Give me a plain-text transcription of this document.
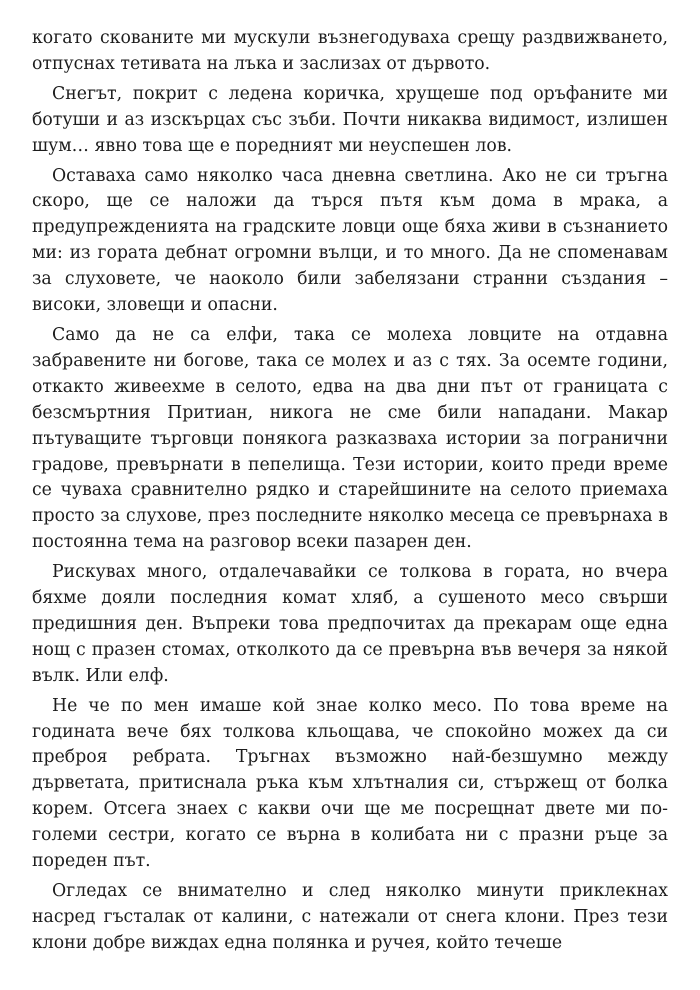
когато скованите ми мускули възнегодуваха срещу раздвижването, отпуснах тетивата на лъка и заслизах от дървото.

Снегът, покрит с ледена коричка, хрущеше под оръфаните ми ботуши и аз изскърцах със зъби. Почти никаква видимост, излишен шум… явно това ще е поредният ми неуспешен лов.

Оставаха само няколко часа дневна светлина. Ако не си тръгна скоро, ще се наложи да търся пътя към дома в мрака, а предупрежденията на градските ловци още бяха живи в съзнанието ми: из гората дебнат огромни вълци, и то много. Да не споменавам за слуховете, че наоколо били забелязани странни създания – високи, зловещи и опасни.

Само да не са елфи, така се молеха ловците на отдавна забравените ни богове, така се молех и аз с тях. За осемте години, откакто живеехме в селото, едва на два дни път от границата с безсмъртния Притиан, никога не сме били нападани. Макар пътуващите търговци понякога разказваха истории за погранични градове, превърнати в пепелища. Тези истории, които преди време се чуваха сравнително рядко и старейшините на селото приемаха просто за слухове, през последните няколко месеца се превърнаха в постоянна тема на разговор всеки пазарен ден.

Рискувах много, отдалечавайки се толкова в гората, но вчера бяхме дояли последния комат хляб, а сушеното месо свърши предишния ден. Въпреки това предпочитах да прекарам още една нощ с празен стомах, отколкото да се превърна във вечеря за някой вълк. Или елф.

Не че по мен имаше кой знае колко месо. По това време на годината вече бях толкова кльощава, че спокойно можех да си преброя ребрата. Тръгнах възможно най-безшумно между дърветата, притиснала ръка към хлътналия си, стържещ от болка корем. Отсега знаех с какви очи ще ме посрещнат двете ми по-големи сестри, когато се върна в колибата ни с празни ръце за пореден път.

Огледах се внимателно и след няколко минути приклекнах насред гъсталак от калини, с натежали от снега клони. През тези клони добре виждах една полянка и ручея, който течеше
